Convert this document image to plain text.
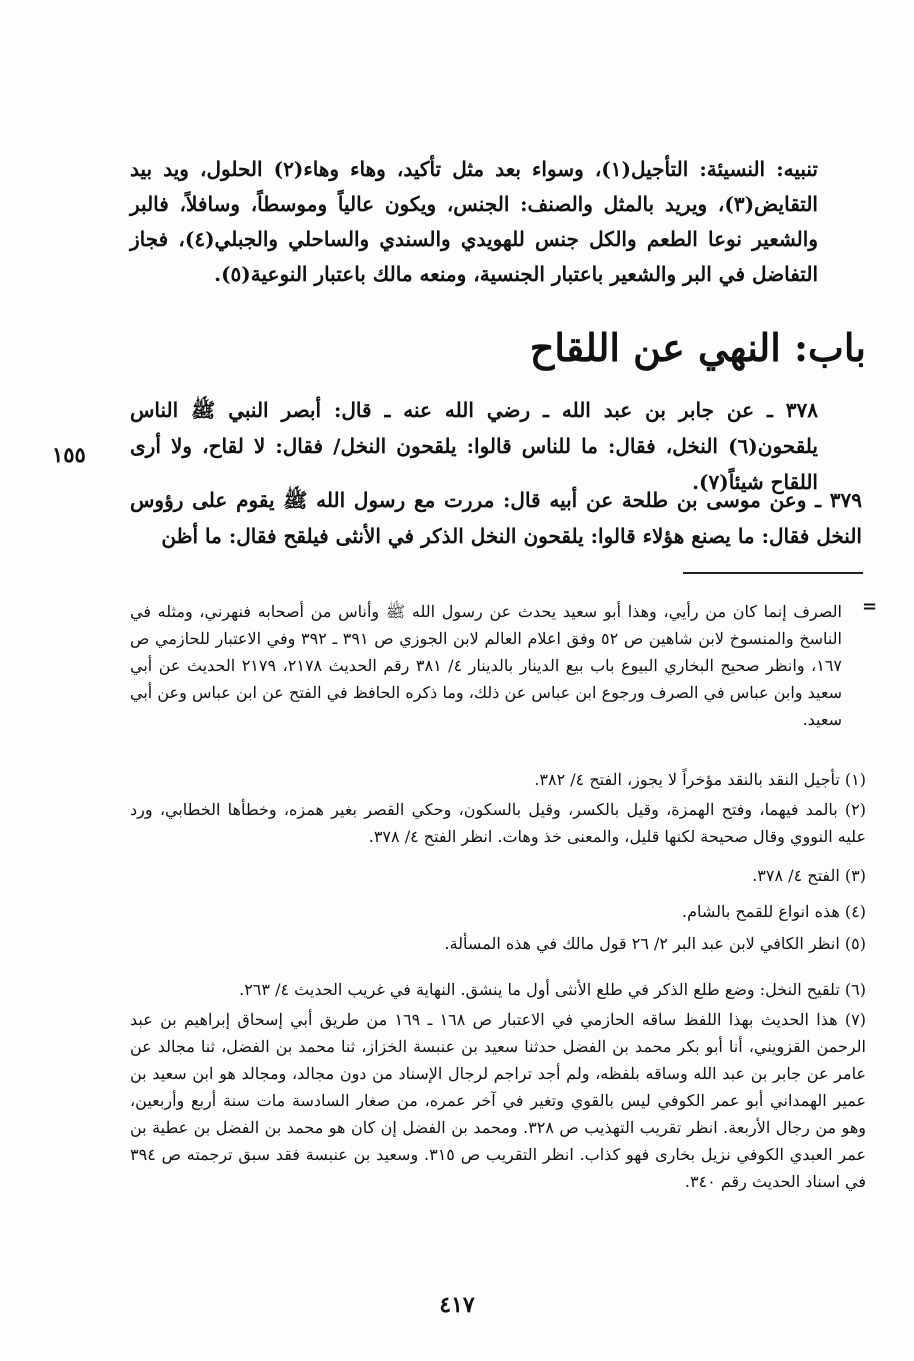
تنبيه: النسيئة: التأجيل(١)، وسواء بعد مثل تأكيد، وهاء وهاء(٢) الحلول، ويد بيد التقايض(٣)، ويريد بالمثل والصنف: الجنس، ويكون عالياً وموسطاً، وسافلاً، فالبر والشعير نوعا الطعم والكل جنس للهويدي والسندي والساحلي والجبلي(٤)، فجاز التفاضل في البر والشعير باعتبار الجنسية، ومنعه مالك باعتبار النوعية(٥).
باب: النهي عن اللقاح
٣٧٨ ـ عن جابر بن عبد الله ـ رضي الله عنه ـ قال: أبصر النبي ﷺ الناس يلقحون(٦) النخل، فقال: ما للناس قالوا: يلقحون النخل/ فقال: لا لقاح، ولا أرى اللقاح شيئاً(٧).
١٥٥
٣٧٩ ـ وعن موسى بن طلحة عن أبيه قال: مررت مع رسول الله ﷺ يقوم على رؤوس النخل فقال: ما يصنع هؤلاء قالوا: يلقحون النخل الذكر في الأنثى فيلقح فقال: ما أظن
=
الصرف إنما كان من رأيي، وهذا أبو سعيد يحدث عن رسول الله ﷺ وأناس من أصحابه فنهرني، ومثله في الناسخ والمنسوخ لابن شاهين ص ٥٢ وفق اعلام العالم لابن الجوزي ص ٣٩١ ـ ٣٩٢ وفي الاعتبار للحازمي ص ١٦٧، وانظر صحيح البخاري البيوع باب بيع الدينار بالدينار ٤/ ٣٨١ رقم الحديث ٢١٧٨، ٢١٧٩ الحديث عن أبي سعيد وابن عباس في الصرف ورجوع ابن عباس عن ذلك، وما ذكره الحافظ في الفتح عن ابن عباس وعن أبي سعيد.
(١) تأجيل النقد بالنقد مؤخراً لا يجوز، الفتح ٤/ ٣٨٢.
(٢) بالمد فيهما، وفتح الهمزة، وقيل بالكسر، وقيل بالسكون، وحكي القصر بغير همزه، وخطأها الخطابي، ورد عليه النووي وقال صحيحة لكنها قليل، والمعنى خذ وهات. انظر الفتح ٤/ ٣٧٨.
(٣) الفتح ٤/ ٣٧٨.
(٤) هذه انواع للقمح بالشام.
(٥) انظر الكافي لابن عبد البر ٢/ ٢٦ قول مالك في هذه المسألة.
(٦) تلقيح النخل: وضع طلع الذكر في طلع الأنثى أول ما ينشق. النهاية في غريب الحديث ٤/ ٢٦٣.
(٧) هذا الحديث بهذا اللفظ ساقه الحازمي في الاعتبار ص ١٦٨ ـ ١٦٩ من طريق أبي إسحاق إبراهيم بن عبد الرحمن القزويني، أنا أبو بكر محمد بن الفضل حدثنا سعيد بن عنبسة الخزاز، ثنا محمد بن الفضل، ثنا مجالد عن عامر عن جابر بن عبد الله وساقه بلفظه، ولم أجد تراجم لرجال الإسناد من دون مجالد، ومجالد هو ابن سعيد بن عمير الهمداني أبو عمر الكوفي ليس بالقوي وتغير في آخر عمره، من صغار السادسة مات سنة أربع وأربعين، وهو من رجال الأربعة. انظر تقريب التهذيب ص ٣٢٨. ومحمد بن الفضل إن كان هو محمد بن الفضل بن عطية بن عمر العبدي الكوفي نزيل بخارى فهو كذاب. انظر التقريب ص ٣١٥. وسعيد بن عنبسة فقد سبق ترجمته ص ٣٩٤ في اسناد الحديث رقم ٣٤٠.
٤١٧
